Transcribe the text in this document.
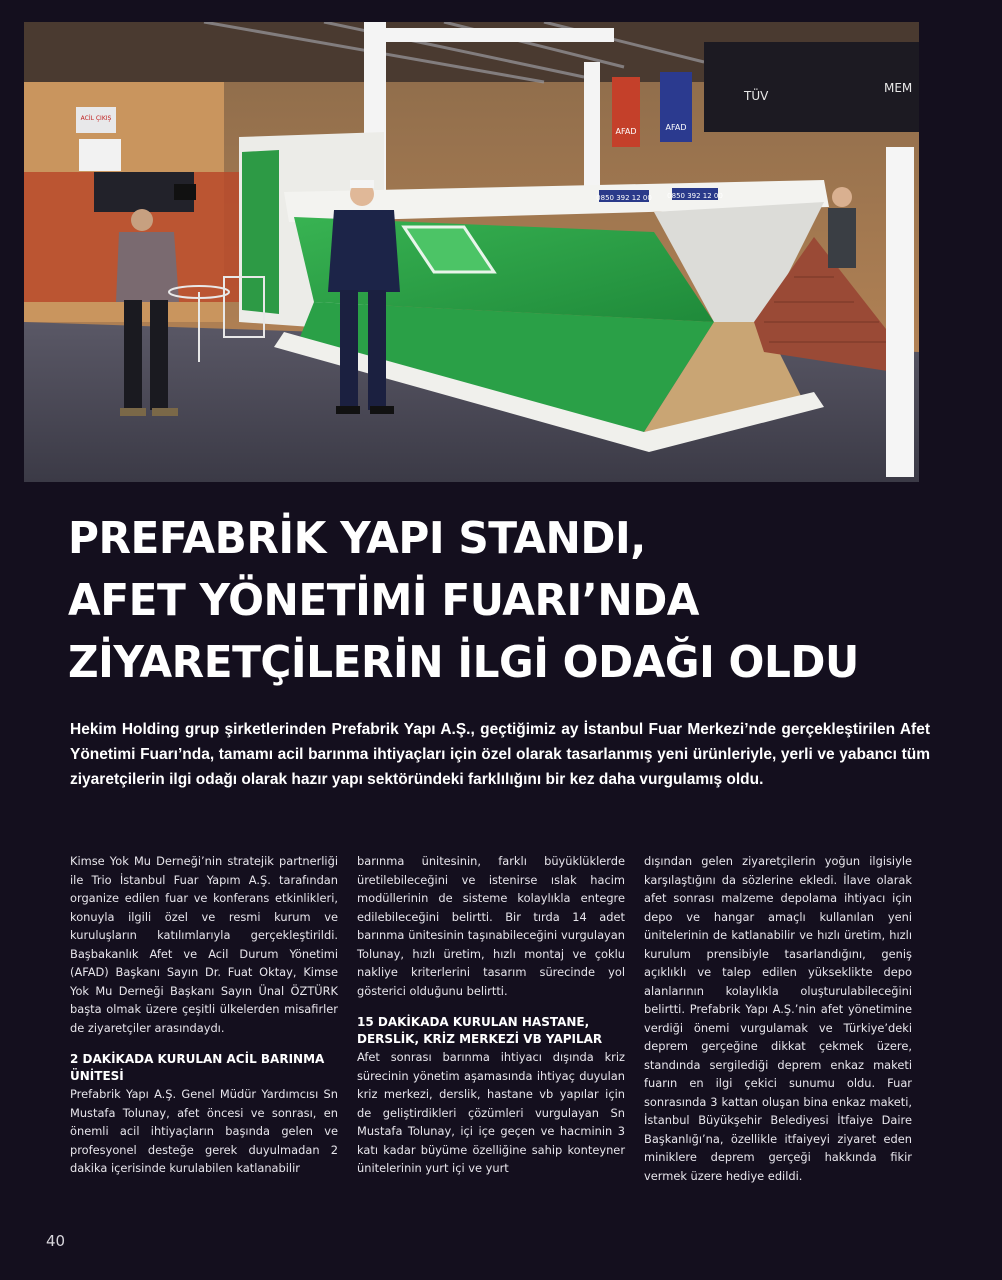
ACİL ÇIKIŞ
AFAD	AFAD
TÜV
MEM
0850 392 12 00 0850 392 12 00
PREFABRİK YAPI STANDI,
AFET YÖNETİMİ FUARI’NDA
ZİYARETÇİLERİN İLGİ ODAĞI OLDU

Hekim Holding grup şirketlerinden Prefabrik Yapı A.Ş., geçtiğimiz ay İstanbul Fuar Merkezi’nde gerçekleştirilen Afet Yönetimi Fuarı’nda, tamamı acil barınma ihtiyaçları için özel olarak tasarlanmış yeni ürünleriyle, yerli ve yabancı tüm ziyaretçilerin ilgi odağı olarak hazır yapı sektöründeki farklılığını bir kez daha vurgulamış oldu.

Kimse Yok Mu Derneği’nin stratejik partnerliği ile Trio İstanbul Fuar Yapım A.Ş. tarafından organize edilen fuar ve konferans etkinlikleri, konuyla ilgili özel ve resmi kurum ve kuruluşların katılımlarıyla gerçekleştirildi. Başbakanlık Afet ve Acil Durum Yönetimi (AFAD) Başkanı Sayın Dr. Fuat Oktay, Kimse Yok Mu Derneği Başkanı Sayın Ünal ÖZTÜRK başta olmak üzere çeşitli ülkelerden misafirler de ziyaretçiler arasındaydı.

2 DAKİKADA KURULAN ACİL BARINMA ÜNİTESİ

Prefabrik Yapı A.Ş. Genel Müdür Yardımcısı Sn Mustafa Tolunay, afet öncesi ve sonrası, en önemli acil ihtiyaçların başında gelen ve profesyonel desteğe gerek duyulmadan 2 dakika içerisinde kurulabilen katlanabilir

barınma ünitesinin, farklı büyüklüklerde üretilebileceğini ve istenirse ıslak hacim modüllerinin de sisteme kolaylıkla entegre edilebileceğini belirtti. Bir tırda 14 adet barınma ünitesinin taşınabileceğini vurgulayan Tolunay, hızlı üretim, hızlı montaj ve çoklu nakliye kriterlerini tasarım sürecinde yol gösterici olduğunu belirtti.

15 DAKİKADA KURULAN HASTANE, DERSLİK, KRİZ MERKEZİ VB YAPILAR

Afet sonrası barınma ihtiyacı dışında kriz sürecinin yönetim aşamasında ihtiyaç duyulan kriz merkezi, derslik, hastane vb yapılar için de geliştirdikleri çözümleri vurgulayan Sn Mustafa Tolunay, içi içe geçen ve hacminin 3 katı kadar büyüme özelliğine sahip konteyner ünitelerinin yurt içi ve yurt

dışından gelen ziyaretçilerin yoğun ilgisiyle karşılaştığını da sözlerine ekledi. İlave olarak afet sonrası malzeme depolama ihtiyacı için depo ve hangar amaçlı kullanılan yeni ünitelerinin de katlanabilir ve hızlı üretim, hızlı kurulum prensibiyle tasarlandığını, geniş açıklıklı ve talep edilen yükseklikte depo alanlarının kolaylıkla oluşturulabileceğini belirtti. Prefabrik Yapı A.Ş.’nin afet yönetimine verdiği önemi vurgulamak ve Türkiye’deki deprem gerçeğine dikkat çekmek üzere, standında sergilediği deprem enkaz maketi fuarın en ilgi çekici sunumu oldu. Fuar sonrasında 3 kattan oluşan bina enkaz maketi, İstanbul Büyükşehir Belediyesi İtfaiye Daire Başkanlığı’na, özellikle itfaiyeyi ziyaret eden miniklere deprem gerçeği hakkında fikir vermek üzere hediye edildi.

40
